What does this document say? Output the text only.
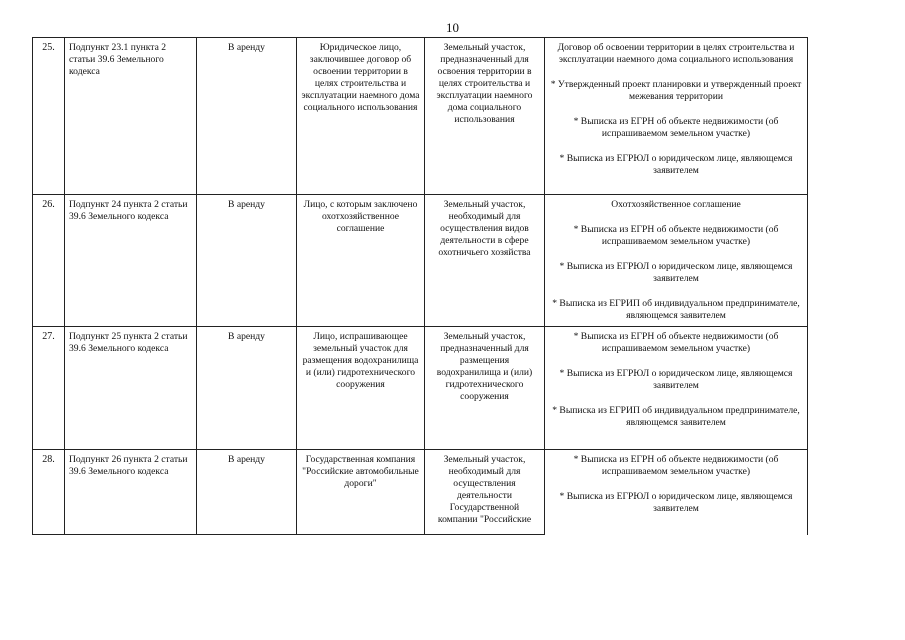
10
25.	Подпункт 23.1 пункта 2 статьи 39.6 Земельного кодекса	В аренду	Юридическое лицо, заключившее договор об освоении территории в целях строительства и эксплуатации наемного дома социального использования	Земельный участок, предназначенный для освоения территории в целях строительства и эксплуатации наемного дома социального использования	Договор об освоении территории в целях строительства и эксплуатации наемного дома социального использования
* Утвержденный проект планировки и утвержденный проект межевания территории
* Выписка из ЕГРН об объекте недвижимости (об испрашиваемом земельном участке)
* Выписка из ЕГРЮЛ о юридическом лице, являющемся заявителем

26.	Подпункт 24 пункта 2 статьи 39.6 Земельного кодекса	В аренду	Лицо, с которым заключено охотхозяйственное соглашение	Земельный участок, необходимый для осуществления видов деятельности в сфере охотничьего хозяйства	Охотхозяйственное соглашение
* Выписка из ЕГРН об объекте недвижимости (об испрашиваемом земельном участке)
* Выписка из ЕГРЮЛ о юридическом лице, являющемся заявителем
* Выписка из ЕГРИП об индивидуальном предпринимателе, являющемся заявителем

27.	Подпункт 25 пункта 2 статьи 39.6 Земельного кодекса	В аренду	Лицо, испрашивающее земельный участок для размещения водохранилища и (или) гидротехнического сооружения	Земельный участок, предназначенный для размещения водохранилища и (или) гидротехнического сооружения	* Выписка из ЕГРН об объекте недвижимости (об испрашиваемом земельном участке)
* Выписка из ЕГРЮЛ о юридическом лице, являющемся заявителем
* Выписка из ЕГРИП об индивидуальном предпринимателе, являющемся заявителем

28.	Подпункт 26 пункта 2 статьи 39.6 Земельного кодекса	В аренду	Государственная компания "Российские автомобильные дороги"	Земельный участок, необходимый для осуществления деятельности Государственной компании "Российские	* Выписка из ЕГРН об объекте недвижимости (об испрашиваемом земельном участке)
* Выписка из ЕГРЮЛ о юридическом лице, являющемся заявителем
